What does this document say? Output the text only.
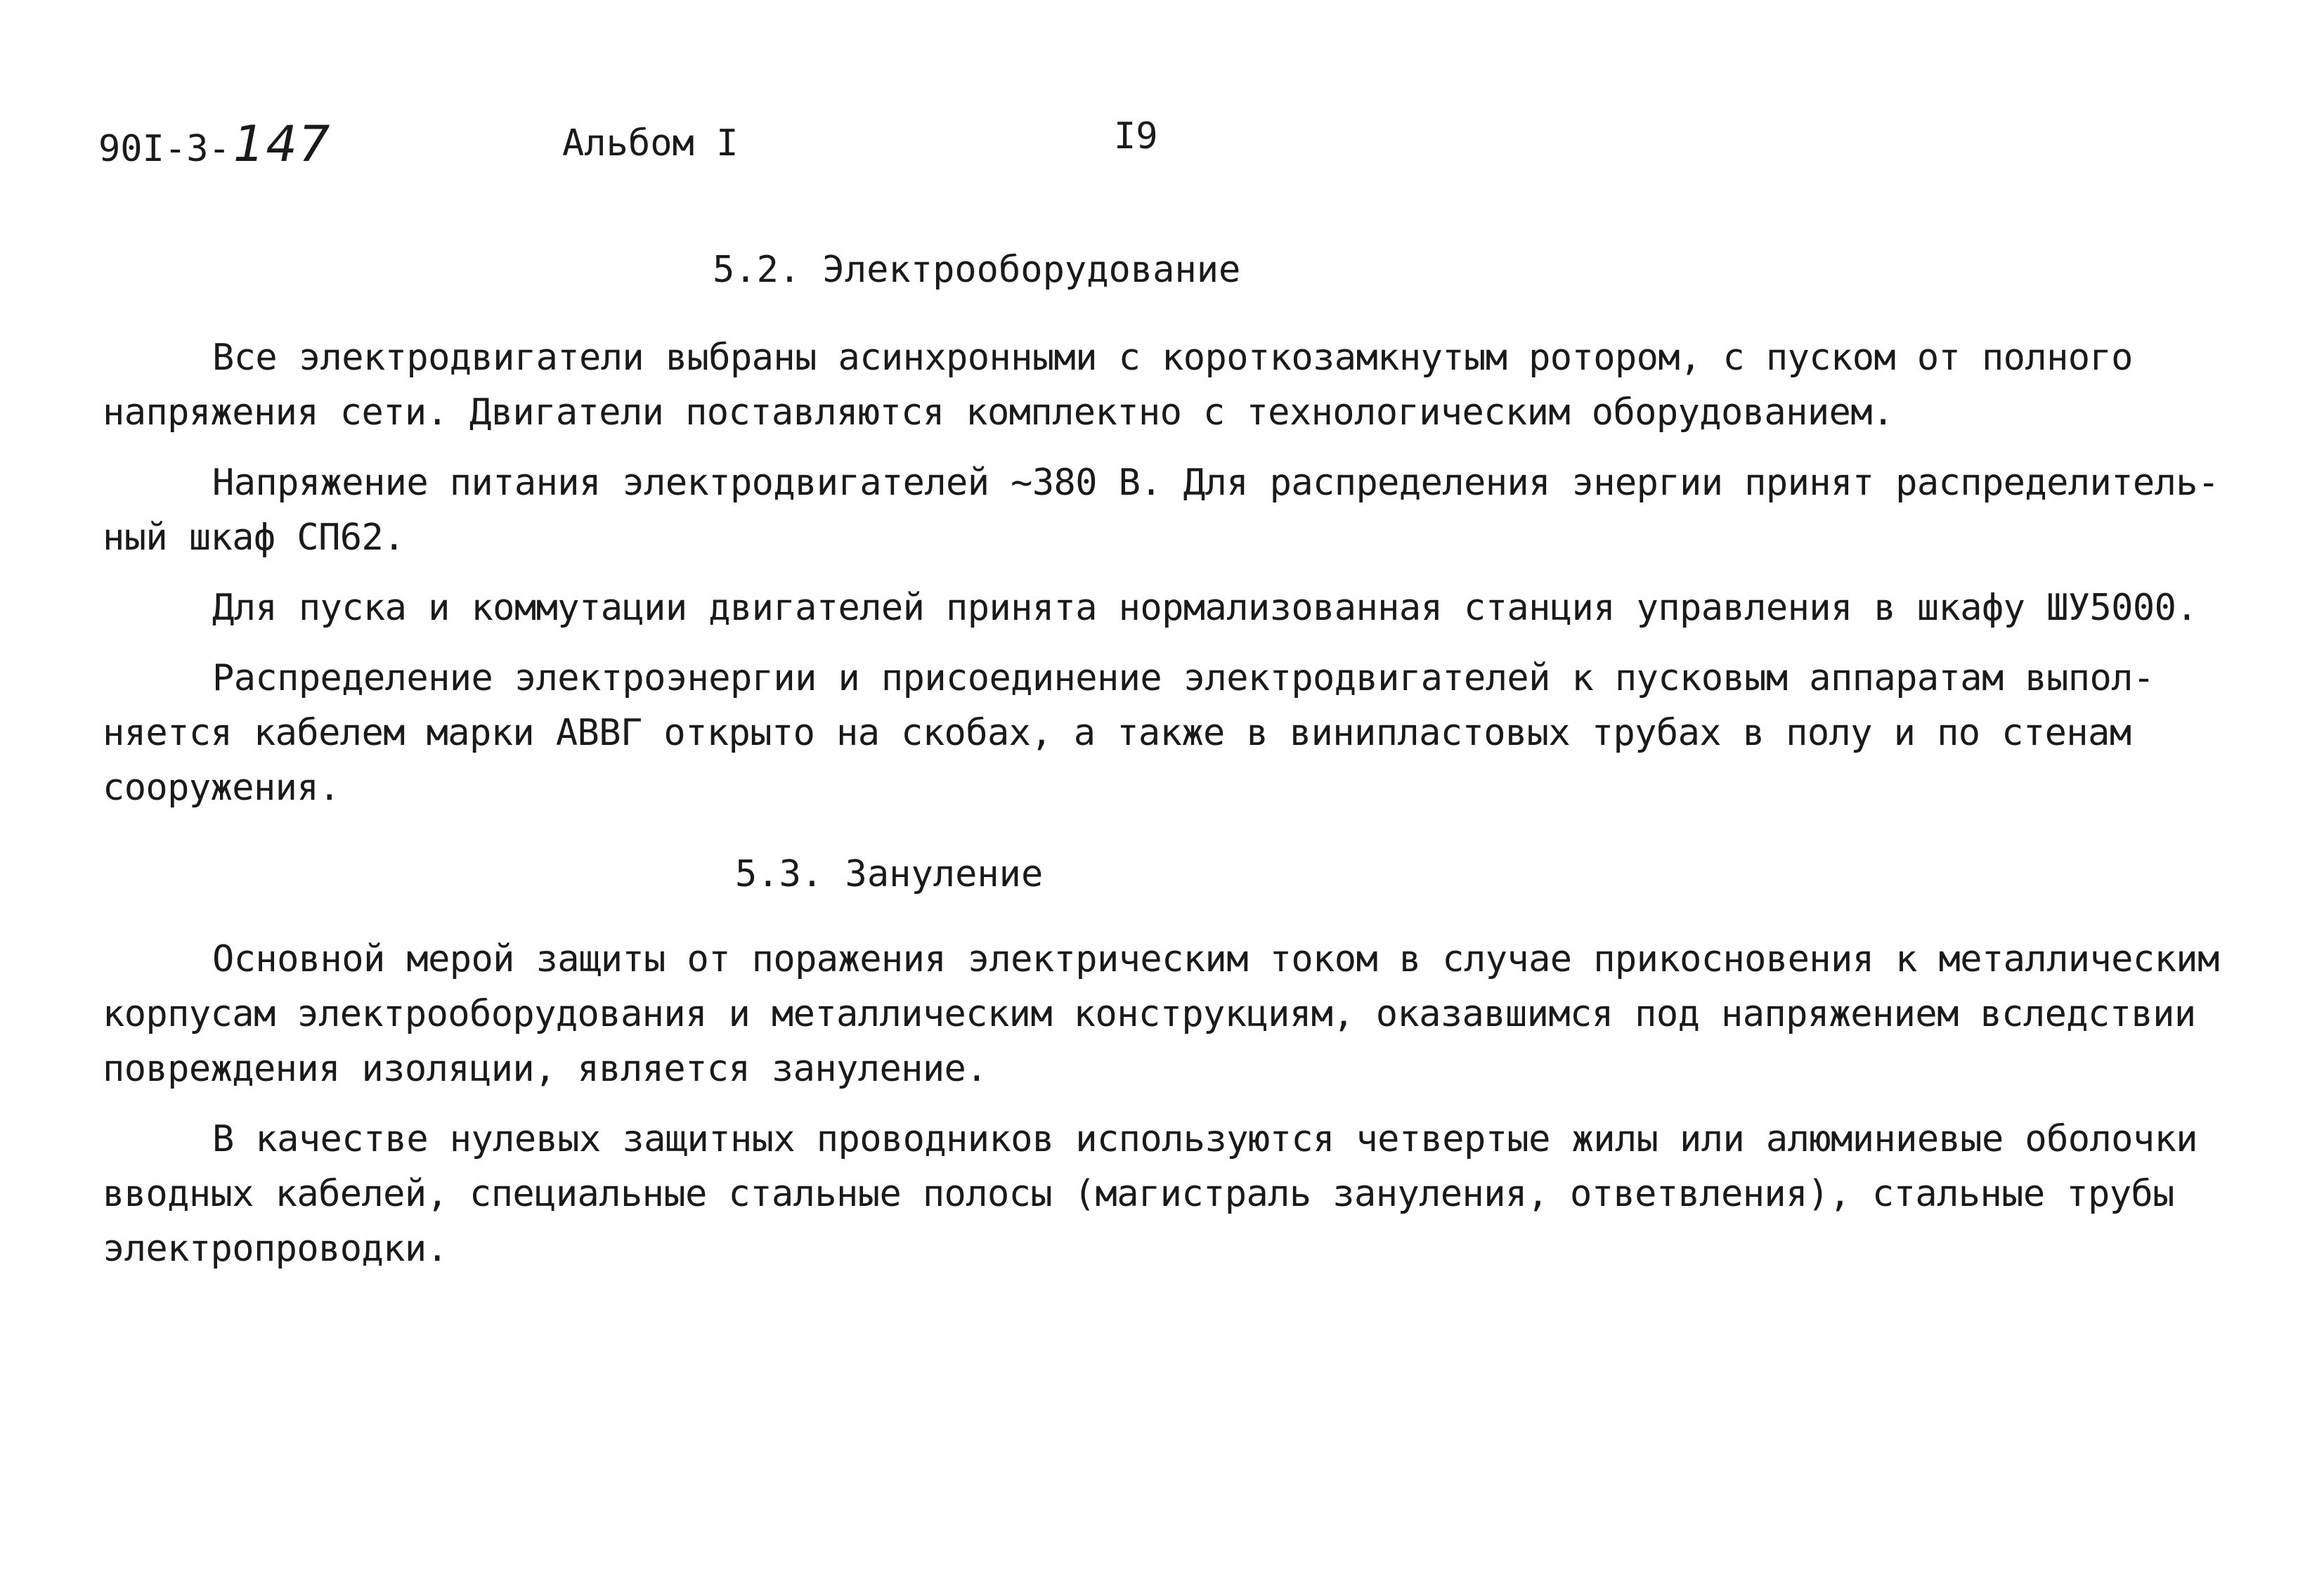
90I-3-147	Альбом I	I9
5.2. Электрооборудование
Все электродвигатели выбраны асинхронными с короткозамкнутым ротором, с пуском от полного
напряжения сети. Двигатели поставляются комплектно с технологическим оборудованием.
Напряжение питания электродвигателей ~380 В. Для распределения энергии принят распределитель-
ный шкаф СП62.
Для пуска и коммутации двигателей принята нормализованная станция управления в шкафу ШУ5000.
Распределение электроэнергии и присоединение электродвигателей к пусковым аппаратам выпол-
няется кабелем марки АВВГ открыто на скобах, а также в винипластовых трубах в полу и по стенам
сооружения.
5.3. Зануление
Основной мерой защиты от поражения электрическим током в случае прикосновения к металлическим
корпусам электрооборудования и металлическим конструкциям, оказавшимся под напряжением вследствии
повреждения изоляции, является зануление.
В качестве нулевых защитных проводников используются четвертые жилы или алюминиевые оболочки
вводных кабелей, специальные стальные полосы (магистраль зануления, ответвления), стальные трубы
электропроводки.
